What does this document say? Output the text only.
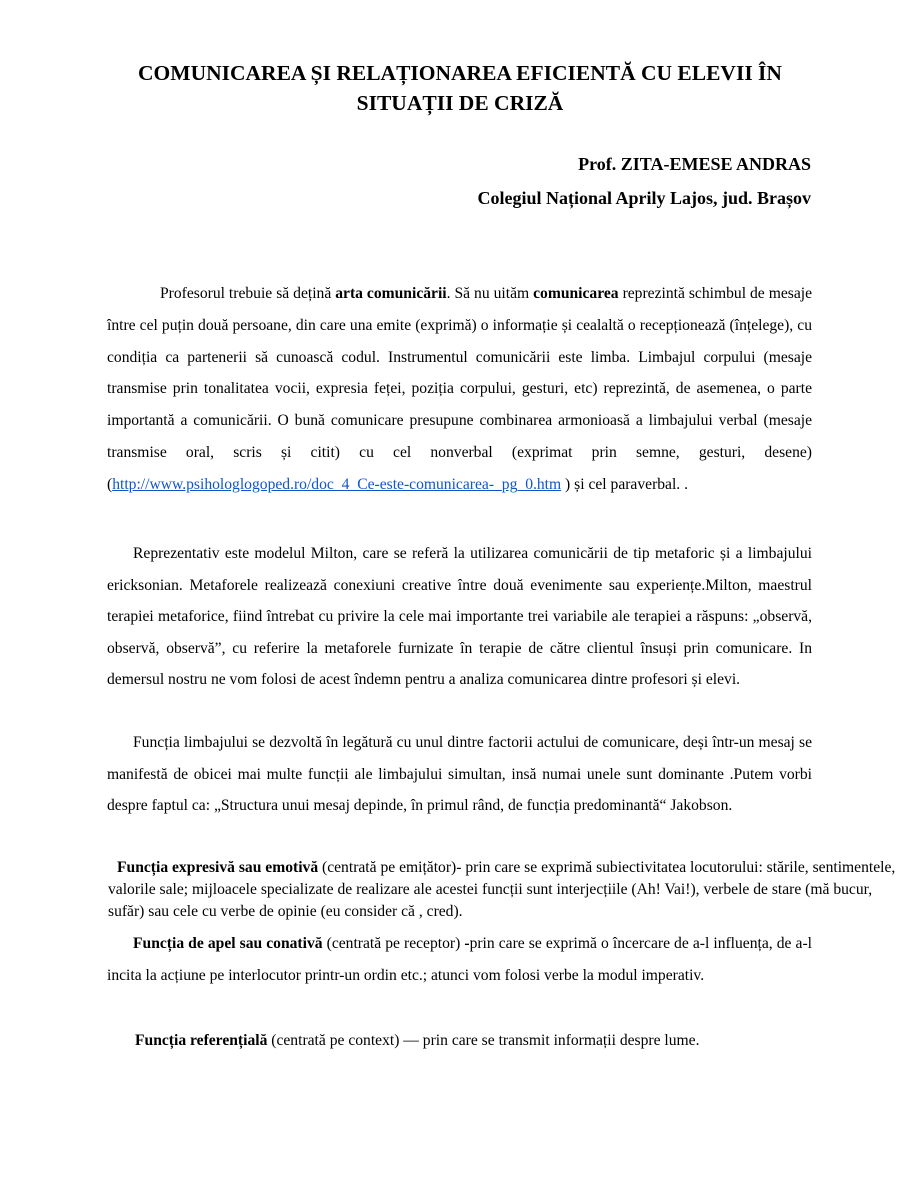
COMUNICAREA ȘI RELAȚIONAREA EFICIENTĂ CU ELEVII ÎN SITUAȚII DE CRIZĂ
Prof. ZITA-EMESE ANDRAS
Colegiul Național Aprily Lajos, jud. Brașov

Profesorul trebuie să dețină arta comunicării. Să nu uităm comunicarea reprezintă schimbul de mesaje între cel puțin două persoane, din care una emite (exprimă) o informație și cealaltă o recepționează (înțelege), cu condiția ca partenerii să cunoască codul. Instrumentul comunicării este limba. Limbajul corpului (mesaje transmise prin tonalitatea vocii, expresia feței, poziția corpului, gesturi, etc) reprezintă, de asemenea, o parte importantă a comunicării. O bună comunicare presupune combinarea armonioasă a limbajului verbal (mesaje transmise oral, scris și citit) cu cel nonverbal (exprimat prin semne, gesturi, desene) (http://www.psihologlogoped.ro/doc_4_Ce-este-comunicarea-_pg_0.htm ) și cel paraverbal. .

Reprezentativ este modelul Milton, care se referă la utilizarea comunicării de tip metaforic și a limbajului ericksonian. Metaforele realizează conexiuni creative între două evenimente sau experiențe.Milton, maestrul terapiei metaforice, fiind întrebat cu privire la cele mai importante trei variabile ale terapiei a răspuns: „observă, observă, observă”, cu referire la metaforele furnizate în terapie de către clientul însuși prin comunicare. In demersul nostru ne vom folosi de acest îndemn pentru a analiza comunicarea dintre profesori și elevi.

Funcția limbajului se dezvoltă în legătură cu unul dintre factorii actului de comunicare, deși într-un mesaj se manifestă de obicei mai multe funcții ale limbajului simultan, insă numai unele sunt dominante .Putem vorbi despre faptul ca: „Structura unui mesaj depinde, în primul rând, de funcția predominantă“ Jakobson.

Funcția expresivă sau emotivă (centrată pe emițător)- prin care se exprimă subiectivitatea locutorului: stările, sentimentele, valorile sale; mijloacele specializate de realizare ale acestei funcții sunt interjecțiile (Ah! Vai!), verbele de stare (mă bucur, sufăr) sau cele cu verbe de opinie (eu consider că , cred).

Funcția de apel sau conativă (centrată pe receptor) -prin care se exprimă o încercare de a-l influența, de a-l incita la acțiune pe interlocutor printr-un ordin etc.; atunci vom folosi verbe la modul imperativ.

Funcția referențială (centrată pe context) — prin care se transmit informații despre lume.
